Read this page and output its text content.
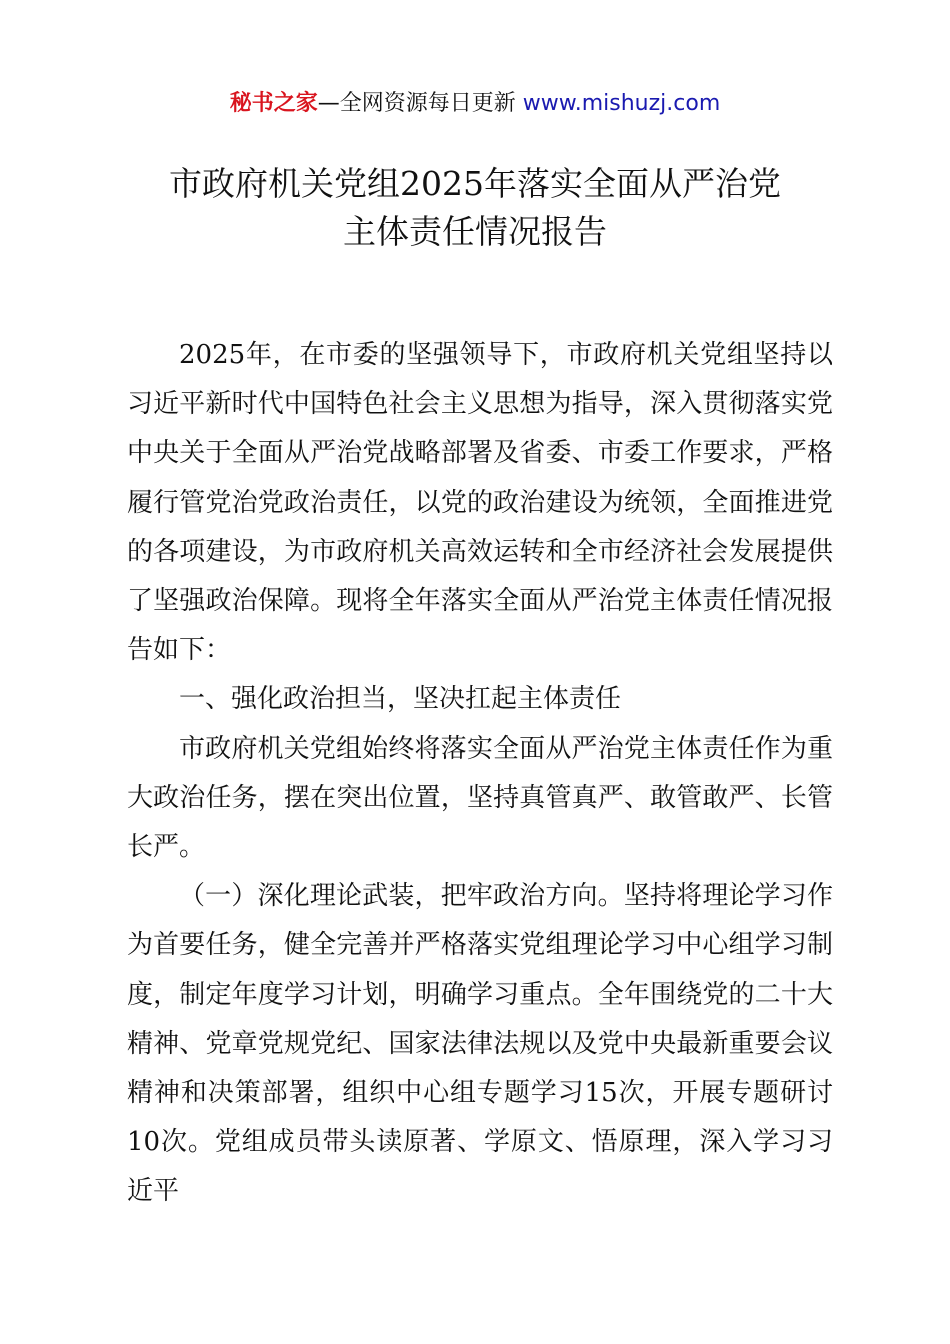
秘书之家—全网资源每日更新 www.mishuzj.com
市政府机关党组2025年落实全面从严治党
主体责任情况报告

2025年，在市委的坚强领导下，市政府机关党组坚持以习近平新时代中国特色社会主义思想为指导，深入贯彻落实党中央关于全面从严治党战略部署及省委、市委工作要求，严格履行管党治党政治责任，以党的政治建设为统领，全面推进党的各项建设，为市政府机关高效运转和全市经济社会发展提供了坚强政治保障。现将全年落实全面从严治党主体责任情况报告如下：

一、强化政治担当，坚决扛起主体责任

市政府机关党组始终将落实全面从严治党主体责任作为重大政治任务，摆在突出位置，坚持真管真严、敢管敢严、长管长严。

（一）深化理论武装，把牢政治方向。坚持将理论学习作为首要任务，健全完善并严格落实党组理论学习中心组学习制度，制定年度学习计划，明确学习重点。全年围绕党的二十大精神、党章党规党纪、国家法律法规以及党中央最新重要会议精神和决策部署，组织中心组专题学习15次，开展专题研讨10次。党组成员带头读原著、学原文、悟原理，深入学习习近平
